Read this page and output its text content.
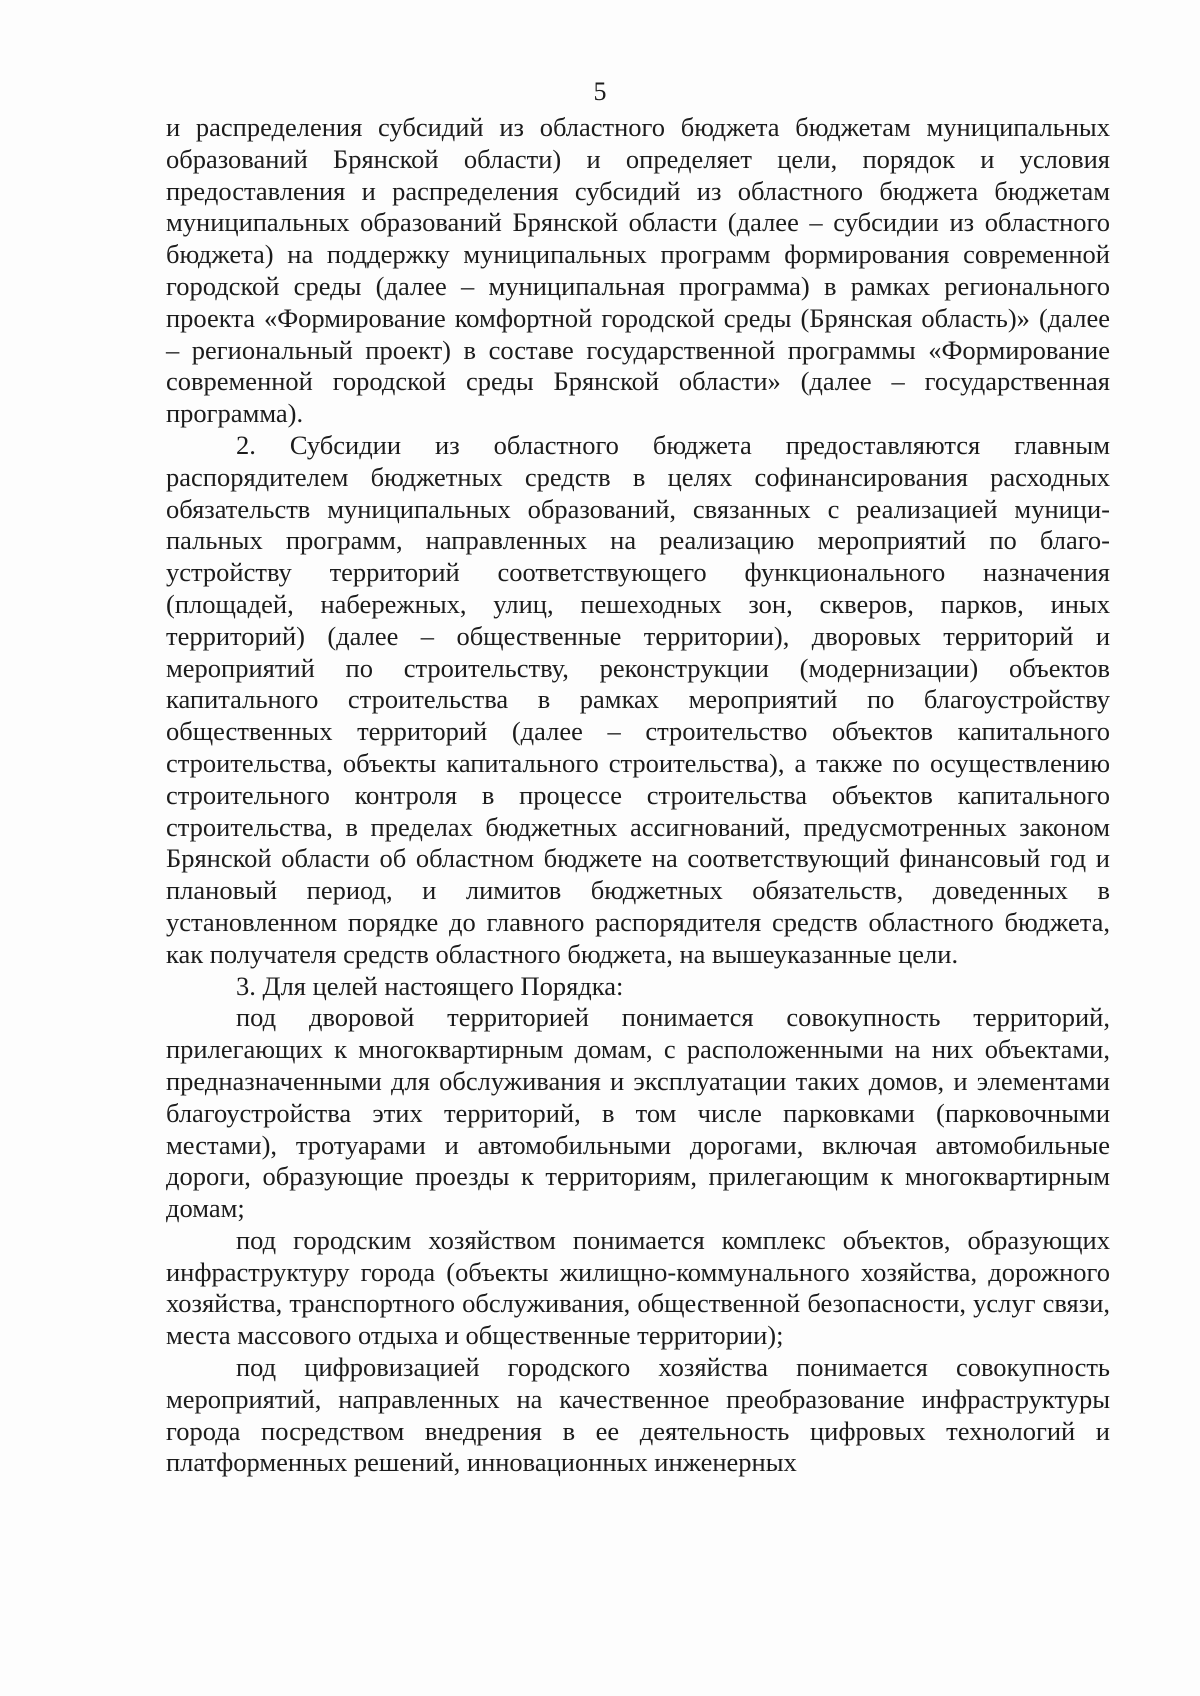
5

и распределения субсидий из областного бюджета бюджетам муниципальных образований Брянской области) и определяет цели, порядок и условия предоставления и распределения субсидий из областного бюджета бюджетам муниципальных образований Брянской области (далее – субсидии из областного бюджета) на поддержку муниципальных программ формирования современной городской среды (далее – муниципальная программа) в рамках регионального проекта «Формирование комфортной городской среды (Брянская область)» (далее – региональный проект) в составе государственной программы «Формирование современной городской среды Брянской области» (далее – государственная программа).

2. Субсидии из областного бюджета предоставляются главным распорядителем бюджетных средств в целях софинансирования расходных обязательств муниципальных образований, связанных с реализацией муниципальных программ, направленных на реализацию мероприятий по благоустройству территорий соответствующего функционального назначения (площадей, набережных, улиц, пешеходных зон, скверов, парков, иных территорий) (далее – общественные территории), дворовых территорий и мероприятий по строительству, реконструкции (модернизации) объектов капитального строительства в рамках мероприятий по благоустройству общественных территорий (далее – строительство объектов капитального строительства, объекты капитального строительства), а также по осуществлению строительного контроля в процессе строительства объектов капитального строительства, в пределах бюджетных ассигнований, предусмотренных законом Брянской области об областном бюджете на соответствующий финансовый год и плановый период, и лимитов бюджетных обязательств, доведенных в установленном порядке до главного распорядителя средств областного бюджета, как получателя средств областного бюджета, на вышеуказанные цели.

3. Для целей настоящего Порядка:

под дворовой территорией понимается совокупность территорий, прилегающих к многоквартирным домам, с расположенными на них объектами, предназначенными для обслуживания и эксплуатации таких домов, и элементами благоустройства этих территорий, в том числе парковками (парковочными местами), тротуарами и автомобильными дорогами, включая автомобильные дороги, образующие проезды к территориям, прилегающим к многоквартирным домам;

под городским хозяйством понимается комплекс объектов, образующих инфраструктуру города (объекты жилищно-коммунального хозяйства, дорожного хозяйства, транспортного обслуживания, общественной безопасности, услуг связи, места массового отдыха и общественные территории);

под цифровизацией городского хозяйства понимается совокупность мероприятий, направленных на качественное преобразование инфраструктуры города посредством внедрения в ее деятельность цифровых технологий и платформенных решений, инновационных инженерных
